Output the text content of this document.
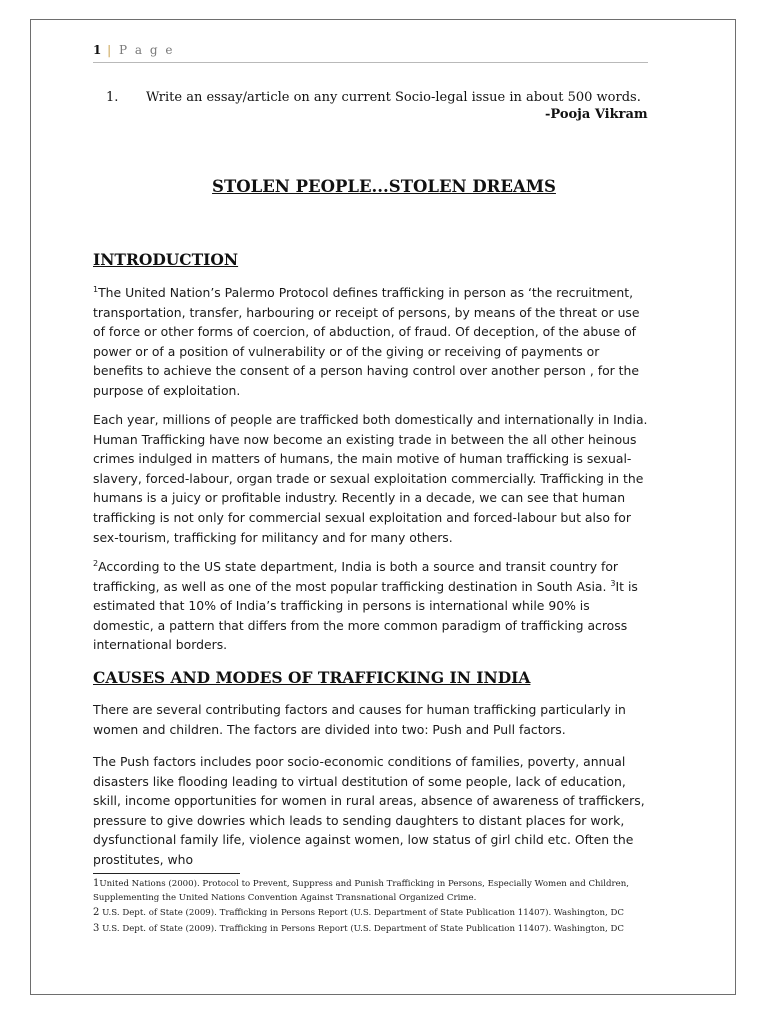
1 | P a g e
1.	Write an essay/article on any current Socio-legal issue in about 500 words.
-Pooja Vikram
STOLEN PEOPLE...STOLEN DREAMS
INTRODUCTION

$^1$The United Nation’s Palermo Protocol defines trafficking in person as ‘the recruitment, transportation, transfer, harbouring or receipt of persons, by means of the threat or use of force or other forms of coercion, of abduction, of fraud. Of deception, of the abuse of power or of a position of vulnerability or of the giving or receiving of payments or benefits to achieve the consent of a person having control over another person , for the purpose of exploitation.

Each year, millions of people are trafficked both domestically and internationally in India. Human Trafficking have now become an existing trade in between the all other heinous crimes indulged in matters of humans, the main motive of human trafficking is sexual-slavery, forced-labour, organ trade or sexual exploitation commercially. Trafficking in the humans is a juicy or profitable industry. Recently in a decade, we can see that human trafficking is not only for commercial sexual exploitation and forced-labour but also for sex-tourism, trafficking for militancy and for many others.

$^2$According to the US state department, India is both a source and transit country for trafficking, as well as one of the most popular trafficking destination in South Asia. $^3$It is estimated that 10% of India’s trafficking in persons is international while 90% is domestic, a pattern that differs from the more common paradigm of trafficking across international borders.

CAUSES AND MODES OF TRAFFICKING IN INDIA

There are several contributing factors and causes for human trafficking particularly in women and children. The factors are divided into two: Push and Pull factors.

The Push factors includes poor socio-economic conditions of families, poverty, annual disasters like flooding leading to virtual destitution of some people, lack of education, skill, income opportunities for women in rural areas, absence of awareness of traffickers, pressure to give dowries which leads to sending daughters to distant places for work, dysfunctional family life, violence against women, low status of girl child etc. Often the prostitutes, who

1United Nations (2000). Protocol to Prevent, Suppress and Punish Trafficking in Persons, Especially Women and Children, Supplementing the United Nations Convention Against Transnational Organized Crime.
2 U.S. Dept. of State (2009). Trafficking in Persons Report (U.S. Department of State Publication 11407). Washington, DC
3 U.S. Dept. of State (2009). Trafficking in Persons Report (U.S. Department of State Publication 11407). Washington, DC
